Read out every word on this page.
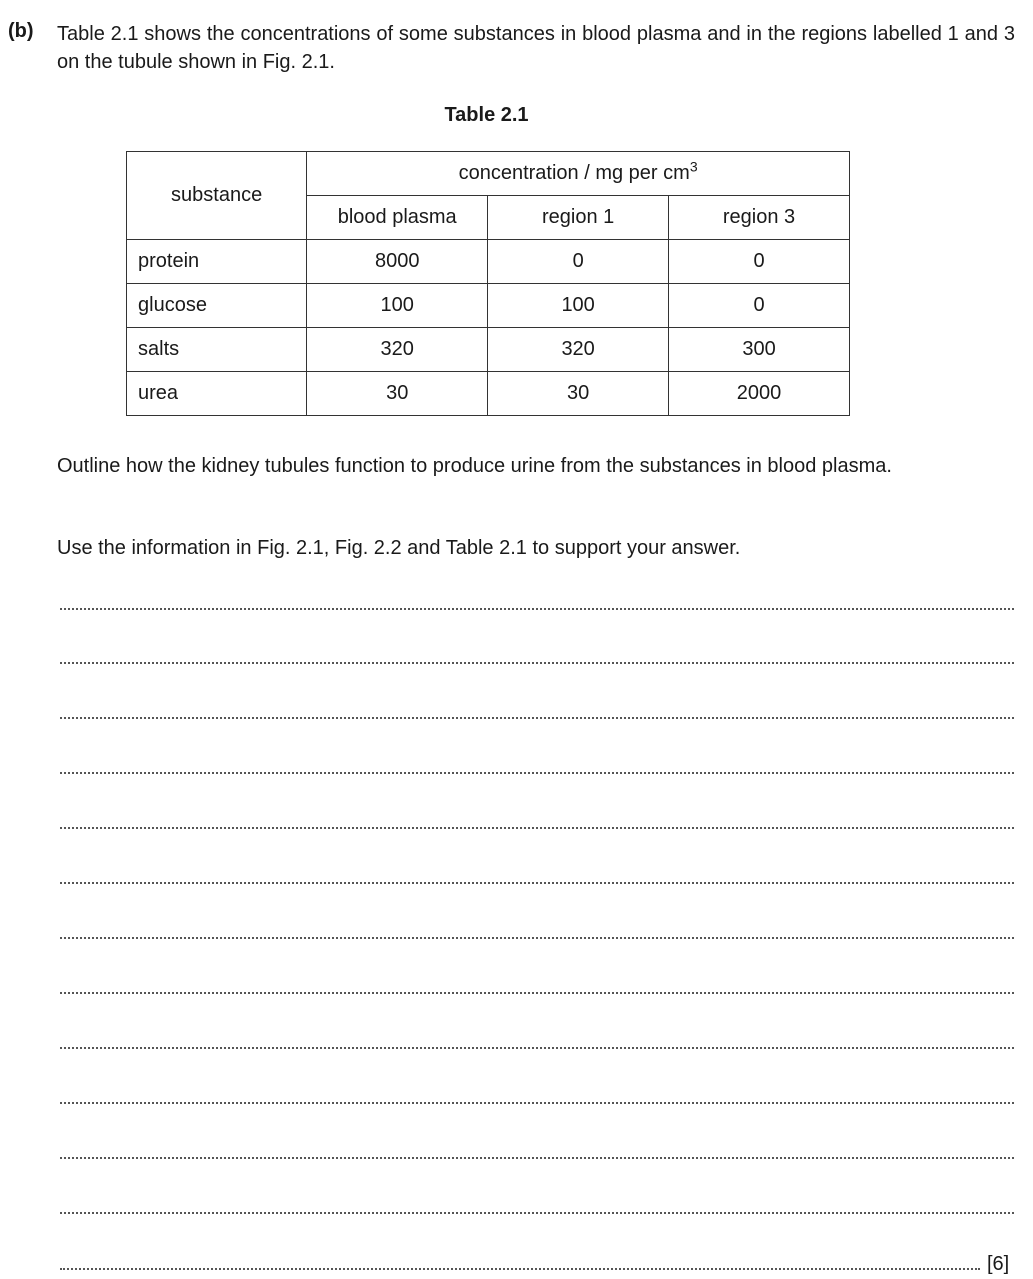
(b) Table 2.1 shows the concentrations of some substances in blood plasma and in the regions labelled 1 and 3 on the tubule shown in Fig. 2.1.
Table 2.1
substance	concentration / mg per $cm^3$
	blood plasma	region 1	region 3
protein	8000	0	0
glucose	100	100	0
salts	320	320	300
urea	30	30	2000
Outline how the kidney tubules function to produce urine from the substances in blood plasma.
Use the information in Fig. 2.1, Fig. 2.2 and Table 2.1 to support your answer.
[6]
